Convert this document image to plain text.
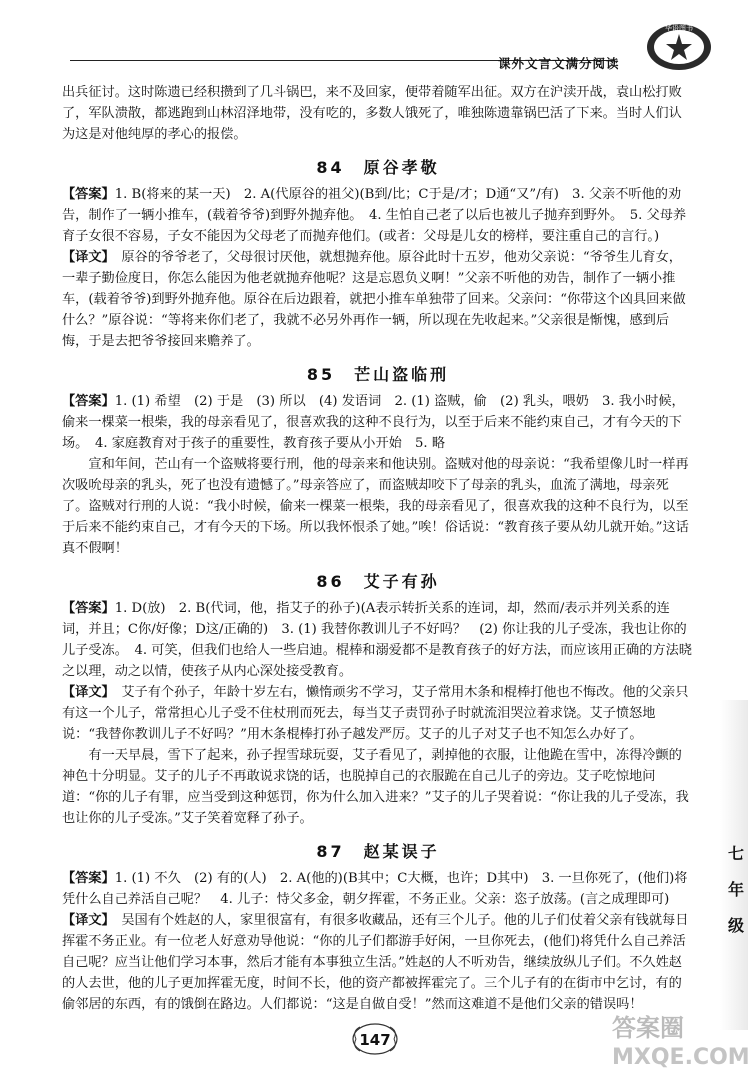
课外文言文满分阅读
华语图书

出兵征讨。这时陈遗已经积攒到了几斗锅巴，来不及回家，便带着随军出征。双方在沪渎开战，袁山松打败了，军队溃散，都逃跑到山林沼泽地带，没有吃的，多数人饿死了，唯独陈遗靠锅巴活了下来。当时人们认为这是对他纯厚的孝心的报偿。

84　原谷孝敬

【答案】1. B(将来的某一天)　2. A(代原谷的祖父)(B到/比；C于是/才；D通“又”/有)　3. 父亲不听他的劝告，制作了一辆小推车，(载着爷爷)到野外抛弃他。　4. 生怕自己老了以后也被儿子抛弃到野外。　5. 父母养育子女很不容易，子女不能因为父母老了而抛弃他们。(或者：父母是儿女的榜样，要注重自己的言行。)

【译文】　 原谷的爷爷老了，父母很讨厌他，就想抛弃他。原谷此时十五岁，他劝父亲说：“爷爷生儿育女，一辈子勤俭度日，你怎么能因为他老就抛弃他呢？这是忘恩负义啊！”父亲不听他的劝告，制作了一辆小推车，(载着爷爷)到野外抛弃他。原谷在后边跟着，就把小推车单独带了回来。父亲问：“你带这个凶具回来做什么？”原谷说：“等将来你们老了，我就不必另外再作一辆，所以现在先收起来。”父亲很是惭愧，感到后悔，于是去把爷爷接回来赡养了。

85　芒山盗临刑

【答案】1. (1) 希望　(2) 于是　(3) 所以　(4) 发语词　2. (1) 盗贼，偷　(2) 乳头，喂奶　3. 我小时候，偷来一棵菜一根柴，我的母亲看见了，很喜欢我的这种不良行为，以至于后来不能约束自己，才有今天的下场。　4. 家庭教育对于孩子的重要性，教育孩子要从小开始　5. 略

宣和年间，芒山有一个盗贼将要行刑，他的母亲来和他诀别。盗贼对他的母亲说：“我希望像儿时一样再次吸吮母亲的乳头，死了也没有遗憾了。”母亲答应了，而盗贼却咬下了母亲的乳头，血流了满地，母亲死了。盗贼对行刑的人说：“我小时候，偷来一棵菜一根柴，我的母亲看见了，很喜欢我的这种不良行为，以至于后来不能约束自己，才有今天的下场。所以我怀恨杀了她。”唉！俗话说：“教育孩子要从幼儿就开始。”这话真不假啊！

86　艾子有孙

【答案】1. D(放)　2. B(代词，他，指艾子的孙子)(A表示转折关系的连词，却，然而/表示并列关系的连词，并且；C你/好像；D这/正确的)　3. (1) 我替你教训儿子不好吗？　(2) 你让我的儿子受冻，我也让你的儿子受冻。　4. 可笑，但我们也给人一些启迪。棍棒和溺爱都不是教育孩子的好方法，而应该用正确的方法晓之以理，动之以情，使孩子从内心深处接受教育。

【译文】　 艾子有个孙子，年龄十岁左右，懒惰顽劣不学习，艾子常用木条和棍棒打他也不悔改。他的父亲只有这一个儿子，常常担心儿子受不住杖刑而死去，每当艾子责罚孙子时就流泪哭泣着求饶。艾子愤怒地说：“我替你教训儿子不好吗？”用木条棍棒打孙子越发严厉。艾子的儿子对艾子也不知怎么办好了。

有一天早晨，雪下了起来，孙子捏雪球玩耍，艾子看见了，剥掉他的衣服，让他跪在雪中，冻得冷颤的神色十分明显。艾子的儿子不再敢说求饶的话，也脱掉自己的衣服跪在自己儿子的旁边。艾子吃惊地问道：“你的儿子有罪，应当受到这种惩罚，你为什么加入进来？”艾子的儿子哭着说：“你让我的儿子受冻，我也让你的儿子受冻。”艾子笑着宽释了孙子。

87　赵某误子

【答案】1. (1) 不久　(2) 有的(人)　2. A(他的)(B其中；C大概，也许；D其中)　3. 一旦你死了，(他们)将凭什么自己养活自己呢？　4. 儿子：恃父多金，朝夕挥霍，不务正业。父亲：恣子放荡。(言之成理即可)

【译文】　 吴国有个姓赵的人，家里很富有，有很多收藏品，还有三个儿子。他的儿子们仗着父亲有钱就每日挥霍不务正业。有一位老人好意劝导他说：“你的儿子们都游手好闲，一旦你死去，(他们)将凭什么自己养活自己呢？应当让他们学习本事，然后才能有本事独立生活。”姓赵的人不听劝告，继续放纵儿子们。不久姓赵的人去世，他的儿子更加挥霍无度，时间不长，他的资产都被挥霍完了。三个儿子有的在街市中乞讨，有的偷邻居的东西，有的饿倒在路边。人们都说：“这是自做自受！”然而这难道不是他们父亲的错误吗！

七
年
级
147	答案圈
MXQE.COM
